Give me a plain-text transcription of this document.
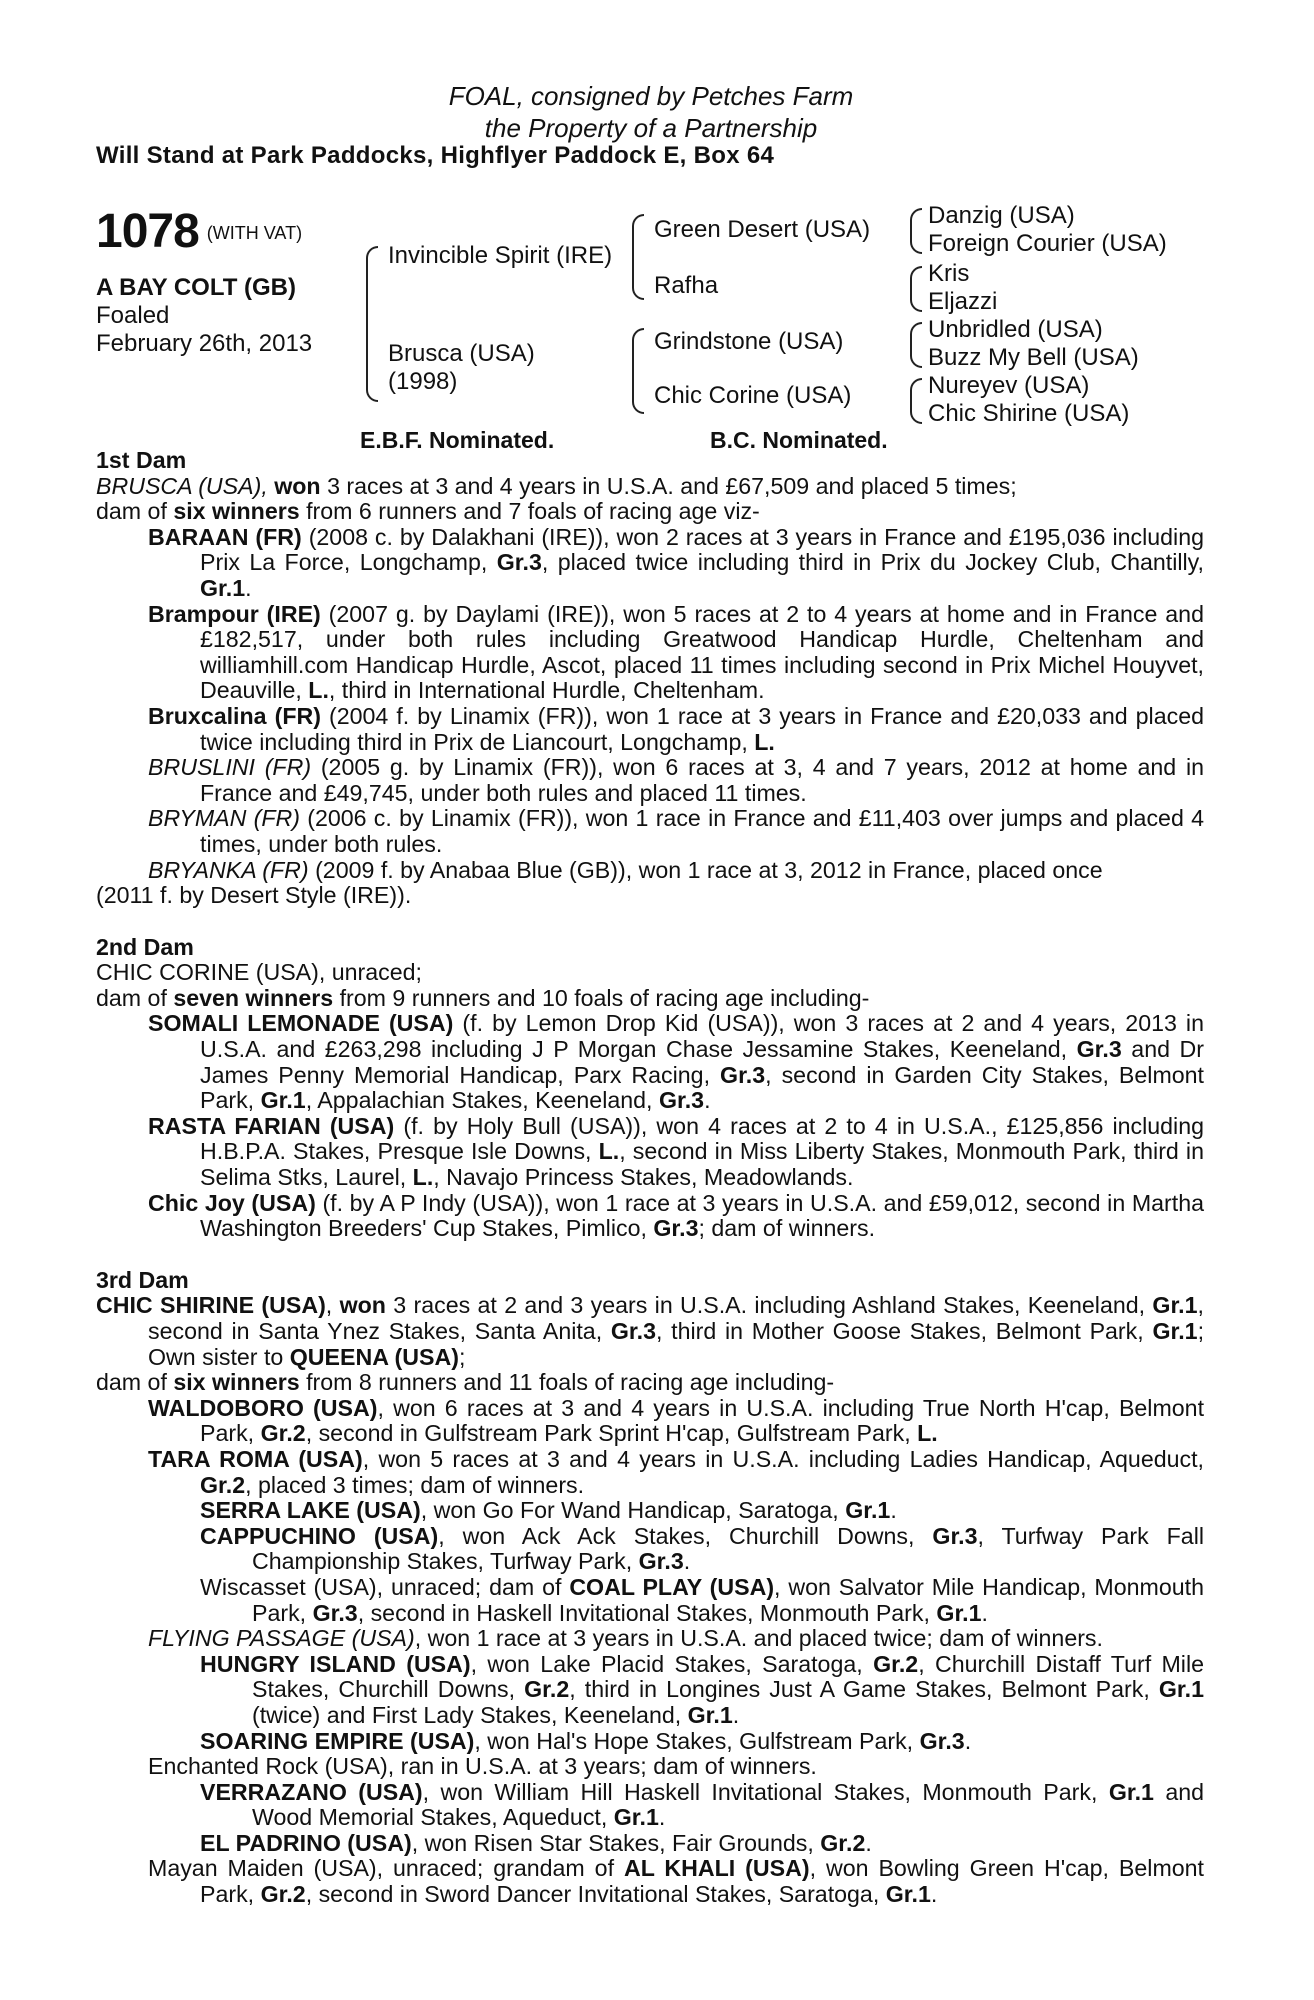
FOAL, consigned by Petches Farm
the Property of a Partnership
Will Stand at Park Paddocks, Highflyer Paddock E, Box 64
1078 (WITH VAT)
A BAY COLT (GB)
Foaled
February 26th, 2013
Invincible Spirit (IRE)
Brusca (USA)
(1998)
Green Desert (USA)
Rafha
Grindstone (USA)
Chic Corine (USA)
Danzig (USA)
Foreign Courier (USA)
Kris
Eljazzi
Unbridled (USA)
Buzz My Bell (USA)
Nureyev (USA)
Chic Shirine (USA)
E.B.F. Nominated.	B.C. Nominated.

1st Dam

BRUSCA (USA), won 3 races at 3 and 4 years in U.S.A. and £67,509 and placed 5 times;

dam of six winners from 6 runners and 7 foals of racing age viz-

BARAAN (FR) (2008 c. by Dalakhani (IRE)), won 2 races at 3 years in France and £195,036 including Prix La Force, Longchamp, Gr.3, placed twice including third in Prix du Jockey Club, Chantilly, Gr.1.

Brampour (IRE) (2007 g. by Daylami (IRE)), won 5 races at 2 to 4 years at home and in France and £182,517, under both rules including Greatwood Handicap Hurdle, Cheltenham and williamhill.com Handicap Hurdle, Ascot, placed 11 times including second in Prix Michel Houyvet, Deauville, L., third in International Hurdle, Cheltenham.

Bruxcalina (FR) (2004 f. by Linamix (FR)), won 1 race at 3 years in France and £20,033 and placed twice including third in Prix de Liancourt, Longchamp, L.

BRUSLINI (FR) (2005 g. by Linamix (FR)), won 6 races at 3, 4 and 7 years, 2012 at home and in France and £49,745, under both rules and placed 11 times.

BRYMAN (FR) (2006 c. by Linamix (FR)), won 1 race in France and £11,403 over jumps and placed 4 times, under both rules.

BRYANKA (FR) (2009 f. by Anabaa Blue (GB)), won 1 race at 3, 2012 in France, placed once

(2011 f. by Desert Style (IRE)).

2nd Dam

CHIC CORINE (USA), unraced;

dam of seven winners from 9 runners and 10 foals of racing age including-

SOMALI LEMONADE (USA) (f. by Lemon Drop Kid (USA)), won 3 races at 2 and 4 years, 2013 in U.S.A. and £263,298 including J P Morgan Chase Jessamine Stakes, Keeneland, Gr.3 and Dr James Penny Memorial Handicap, Parx Racing, Gr.3, second in Garden City Stakes, Belmont Park, Gr.1, Appalachian Stakes, Keeneland, Gr.3.

RASTA FARIAN (USA) (f. by Holy Bull (USA)), won 4 races at 2 to 4 in U.S.A., £125,856 including H.B.P.A. Stakes, Presque Isle Downs, L., second in Miss Liberty Stakes, Monmouth Park, third in Selima Stks, Laurel, L., Navajo Princess Stakes, Meadowlands.

Chic Joy (USA) (f. by A P Indy (USA)), won 1 race at 3 years in U.S.A. and £59,012, second in Martha Washington Breeders' Cup Stakes, Pimlico, Gr.3; dam of winners.

3rd Dam

CHIC SHIRINE (USA), won 3 races at 2 and 3 years in U.S.A. including Ashland Stakes, Keeneland, Gr.1, second in Santa Ynez Stakes, Santa Anita, Gr.3, third in Mother Goose Stakes, Belmont Park, Gr.1; Own sister to QUEENA (USA);

dam of six winners from 8 runners and 11 foals of racing age including-

WALDOBORO (USA), won 6 races at 3 and 4 years in U.S.A. including True North H'cap, Belmont Park, Gr.2, second in Gulfstream Park Sprint H'cap, Gulfstream Park, L.

TARA ROMA (USA), won 5 races at 3 and 4 years in U.S.A. including Ladies Handicap, Aqueduct, Gr.2, placed 3 times; dam of winners.

SERRA LAKE (USA), won Go For Wand Handicap, Saratoga, Gr.1.

CAPPUCHINO (USA), won Ack Ack Stakes, Churchill Downs, Gr.3, Turfway Park Fall Championship Stakes, Turfway Park, Gr.3.

Wiscasset (USA), unraced; dam of COAL PLAY (USA), won Salvator Mile Handicap, Monmouth Park, Gr.3, second in Haskell Invitational Stakes, Monmouth Park, Gr.1.

FLYING PASSAGE (USA), won 1 race at 3 years in U.S.A. and placed twice; dam of winners.

HUNGRY ISLAND (USA), won Lake Placid Stakes, Saratoga, Gr.2, Churchill Distaff Turf Mile Stakes, Churchill Downs, Gr.2, third in Longines Just A Game Stakes, Belmont Park, Gr.1 (twice) and First Lady Stakes, Keeneland, Gr.1.

SOARING EMPIRE (USA), won Hal's Hope Stakes, Gulfstream Park, Gr.3.

Enchanted Rock (USA), ran in U.S.A. at 3 years; dam of winners.

VERRAZANO (USA), won William Hill Haskell Invitational Stakes, Monmouth Park, Gr.1 and Wood Memorial Stakes, Aqueduct, Gr.1.

EL PADRINO (USA), won Risen Star Stakes, Fair Grounds, Gr.2.

Mayan Maiden (USA), unraced; grandam of AL KHALI (USA), won Bowling Green H'cap, Belmont Park, Gr.2, second in Sword Dancer Invitational Stakes, Saratoga, Gr.1.
